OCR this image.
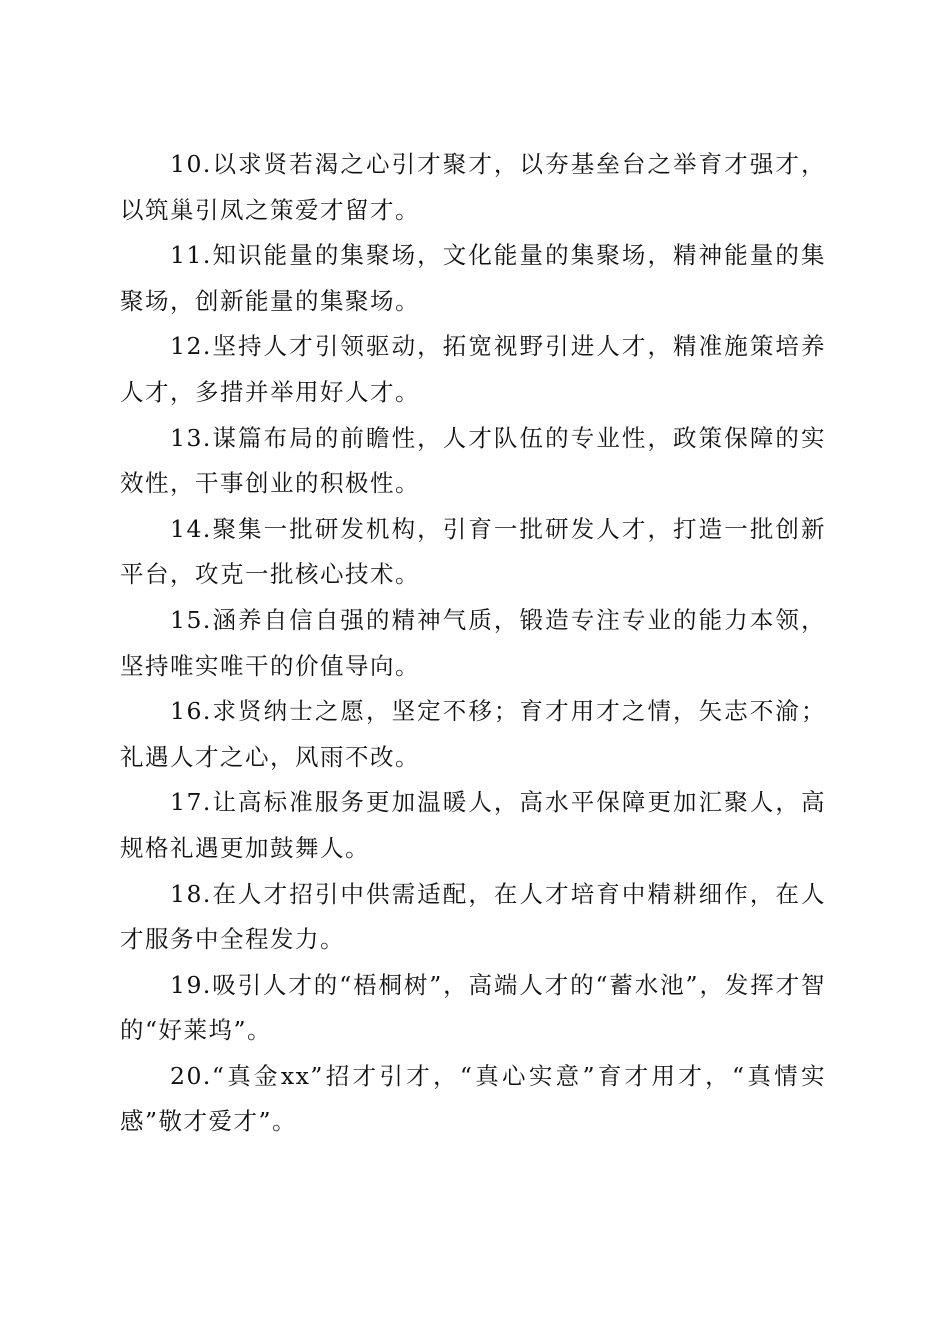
10.以求贤若渴之心引才聚才，以夯基垒台之举育才强才，以筑巢引凤之策爱才留才。

11.知识能量的集聚场，文化能量的集聚场，精神能量的集聚场，创新能量的集聚场。

12.坚持人才引领驱动，拓宽视野引进人才，精准施策培养人才，多措并举用好人才。

13.谋篇布局的前瞻性，人才队伍的专业性，政策保障的实效性，干事创业的积极性。

14.聚集一批研发机构，引育一批研发人才，打造一批创新平台，攻克一批核心技术。

15.涵养自信自强的精神气质，锻造专注专业的能力本领，坚持唯实唯干的价值导向。

16.求贤纳士之愿，坚定不移；育才用才之情，矢志不渝；礼遇人才之心，风雨不改。

17.让高标准服务更加温暖人，高水平保障更加汇聚人，高规格礼遇更加鼓舞人。

18.在人才招引中供需适配，在人才培育中精耕细作，在人才服务中全程发力。

19.吸引人才的“梧桐树”，高端人才的“蓄水池”，发挥才智的“好莱坞”。

20.“真金xx”招才引才，“真心实意”育才用才，“真情实感”敬才爱才”。
